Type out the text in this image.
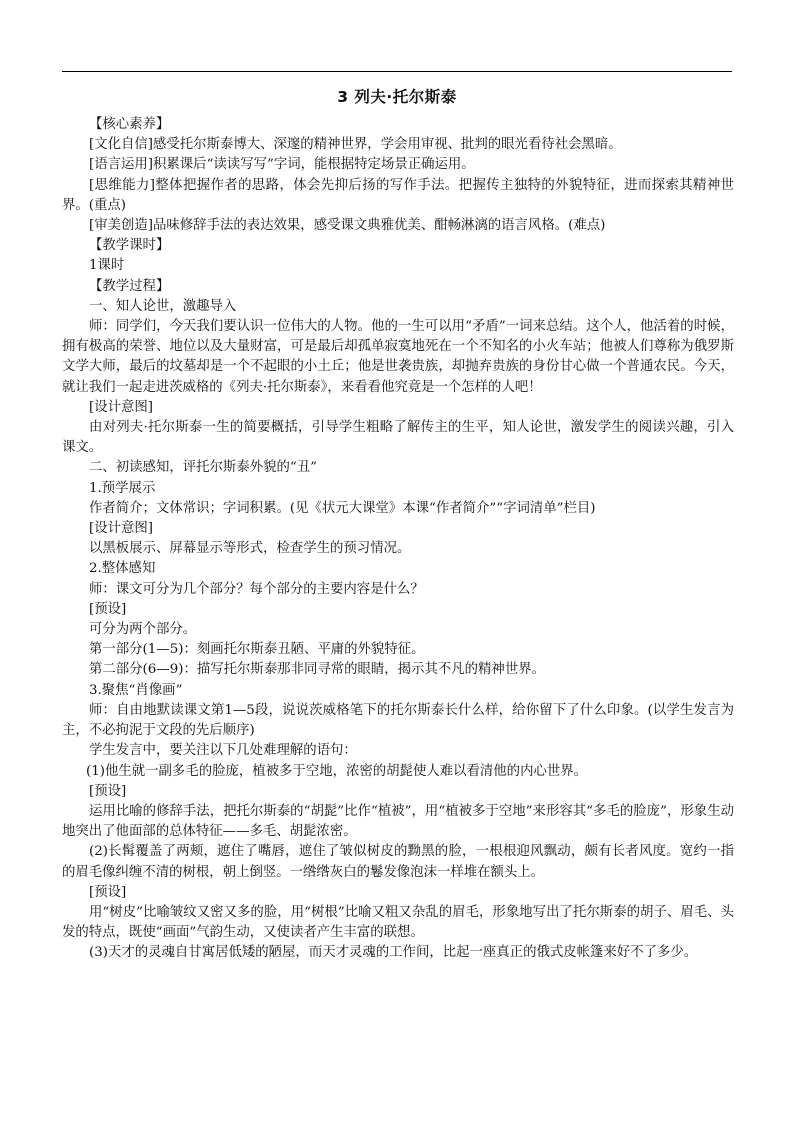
3 列夫·托尔斯泰

【核心素养】

[文化自信]感受托尔斯泰博大、深邃的精神世界，学会用审视、批判的眼光看待社会黑暗。

[语言运用]积累课后“读读写写”字词，能根据特定场景正确运用。

[思维能力]整体把握作者的思路，体会先抑后扬的写作手法。把握传主独特的外貌特征，进而探索其精神世界。(重点)

[审美创造]品味修辞手法的表达效果，感受课文典雅优美、酣畅淋漓的语言风格。(难点)

【教学课时】

1课时

【教学过程】

一、知人论世，激趣导入

师：同学们，今天我们要认识一位伟大的人物。他的一生可以用“矛盾”一词来总结。这个人，他活着的时候，拥有极高的荣誉、地位以及大量财富，可是最后却孤单寂寞地死在一个不知名的小火车站；他被人们尊称为俄罗斯文学大师，最后的坟墓却是一个不起眼的小土丘；他是世袭贵族，却抛弃贵族的身份甘心做一个普通农民。今天，就让我们一起走进茨威格的《列夫·托尔斯泰》，来看看他究竟是一个怎样的人吧！

[设计意图]

由对列夫·托尔斯泰一生的简要概括，引导学生粗略了解传主的生平，知人论世，激发学生的阅读兴趣，引入课文。

二、初读感知，评托尔斯泰外貌的“丑”

1.预学展示

作者简介；文体常识；字词积累。(见《状元大课堂》本课“作者简介”“字词清单”栏目)

[设计意图]

以黑板展示、屏幕显示等形式，检查学生的预习情况。

2.整体感知

师：课文可分为几个部分？每个部分的主要内容是什么？

[预设]

可分为两个部分。

第一部分(1—5)：刻画托尔斯泰丑陋、平庸的外貌特征。

第二部分(6—9)：描写托尔斯泰那非同寻常的眼睛，揭示其不凡的精神世界。

3.聚焦“肖像画”

师：自由地默读课文第1—5段，说说茨威格笔下的托尔斯泰长什么样，给你留下了什么印象。(以学生发言为主，不必拘泥于文段的先后顺序)

学生发言中，要关注以下几处难理解的语句：

(1)他生就一副多毛的脸庞，植被多于空地，浓密的胡髭使人难以看清他的内心世界。

[预设]

运用比喻的修辞手法，把托尔斯泰的“胡髭”比作“植被”，用“植被多于空地”来形容其“多毛的脸庞”，形象生动地突出了他面部的总体特征——多毛、胡髭浓密。

(2)长髯覆盖了两颊，遮住了嘴唇，遮住了皱似树皮的黝黑的脸，一根根迎风飘动，颇有长者风度。宽约一指的眉毛像纠缠不清的树根，朝上倒竖。一绺绺灰白的鬈发像泡沫一样堆在额头上。

[预设]

用“树皮”比喻皱纹又密又多的脸，用“树根”比喻又粗又杂乱的眉毛，形象地写出了托尔斯泰的胡子、眉毛、头发的特点，既使“画面”气韵生动，又使读者产生丰富的联想。

(3)天才的灵魂自甘寓居低矮的陋屋，而天才灵魂的工作间，比起一座真正的俄式皮帐篷来好不了多少。
